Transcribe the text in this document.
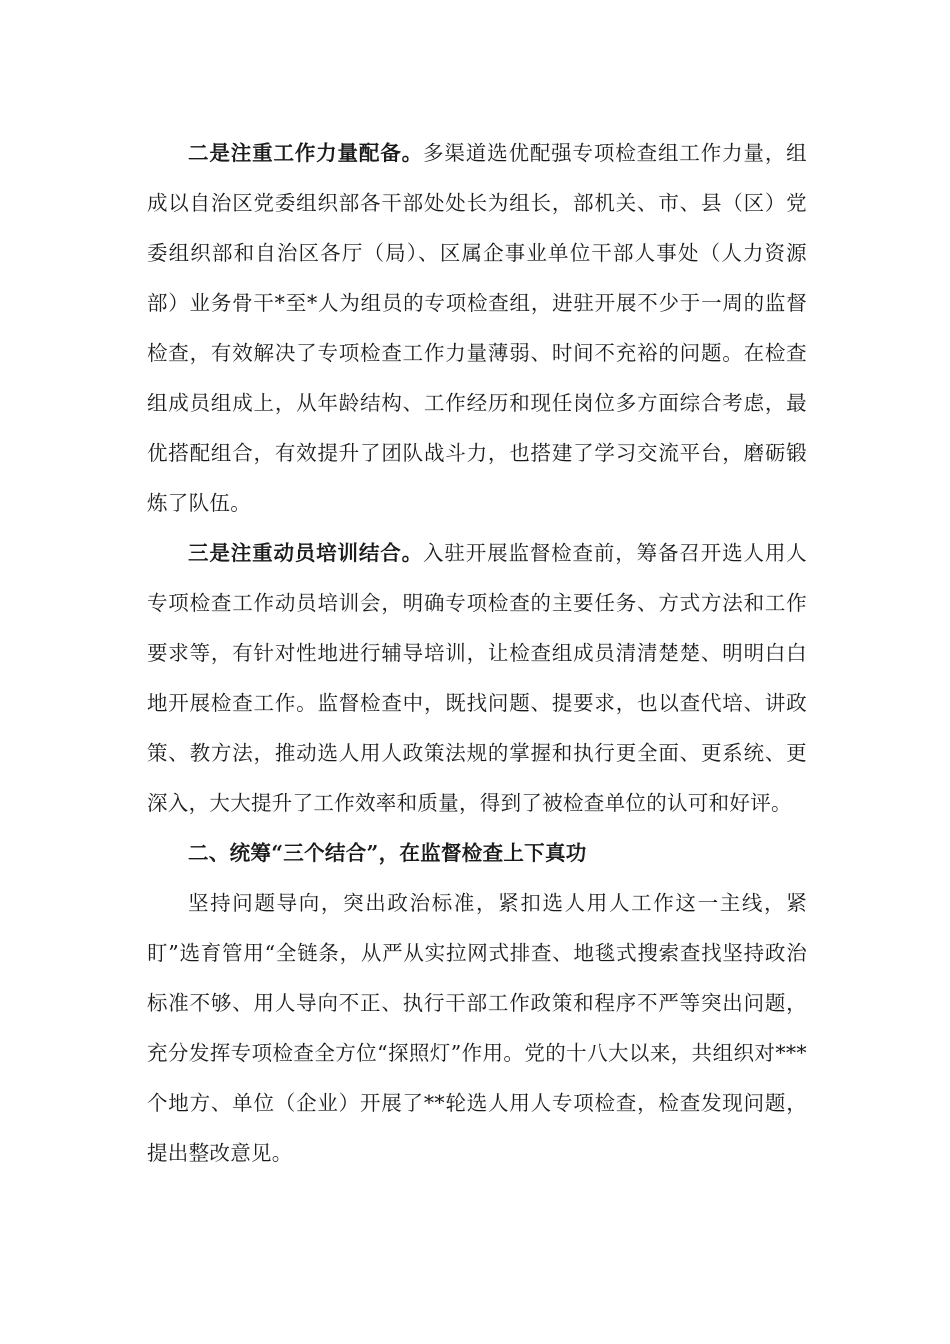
二是注重工作力量配备。多渠道选优配强专项检查组工作力量，组成以自治区党委组织部各干部处处长为组长，部机关、市、县（区）党委组织部和自治区各厅（局）、区属企事业单位干部人事处（人力资源部）业务骨干*至*人为组员的专项检查组，进驻开展不少于一周的监督检查，有效解决了专项检查工作力量薄弱、时间不充裕的问题。在检查组成员组成上，从年龄结构、工作经历和现任岗位多方面综合考虑，最优搭配组合，有效提升了团队战斗力，也搭建了学习交流平台，磨砺锻炼了队伍。

三是注重动员培训结合。入驻开展监督检查前，筹备召开选人用人专项检查工作动员培训会，明确专项检查的主要任务、方式方法和工作要求等，有针对性地进行辅导培训，让检查组成员清清楚楚、明明白白地开展检查工作。监督检查中，既找问题、提要求，也以查代培、讲政策、教方法，推动选人用人政策法规的掌握和执行更全面、更系统、更深入，大大提升了工作效率和质量，得到了被检查单位的认可和好评。

二、统筹“三个结合”，在监督检查上下真功

坚持问题导向，突出政治标准，紧扣选人用人工作这一主线，紧盯”选育管用“全链条，从严从实拉网式排查、地毯式搜索查找坚持政治标准不够、用人导向不正、执行干部工作政策和程序不严等突出问题，充分发挥专项检查全方位“探照灯”作用。党的十八大以来，共组织对***个地方、单位（企业）开展了**轮选人用人专项检查，检查发现问题，提出整改意见。
